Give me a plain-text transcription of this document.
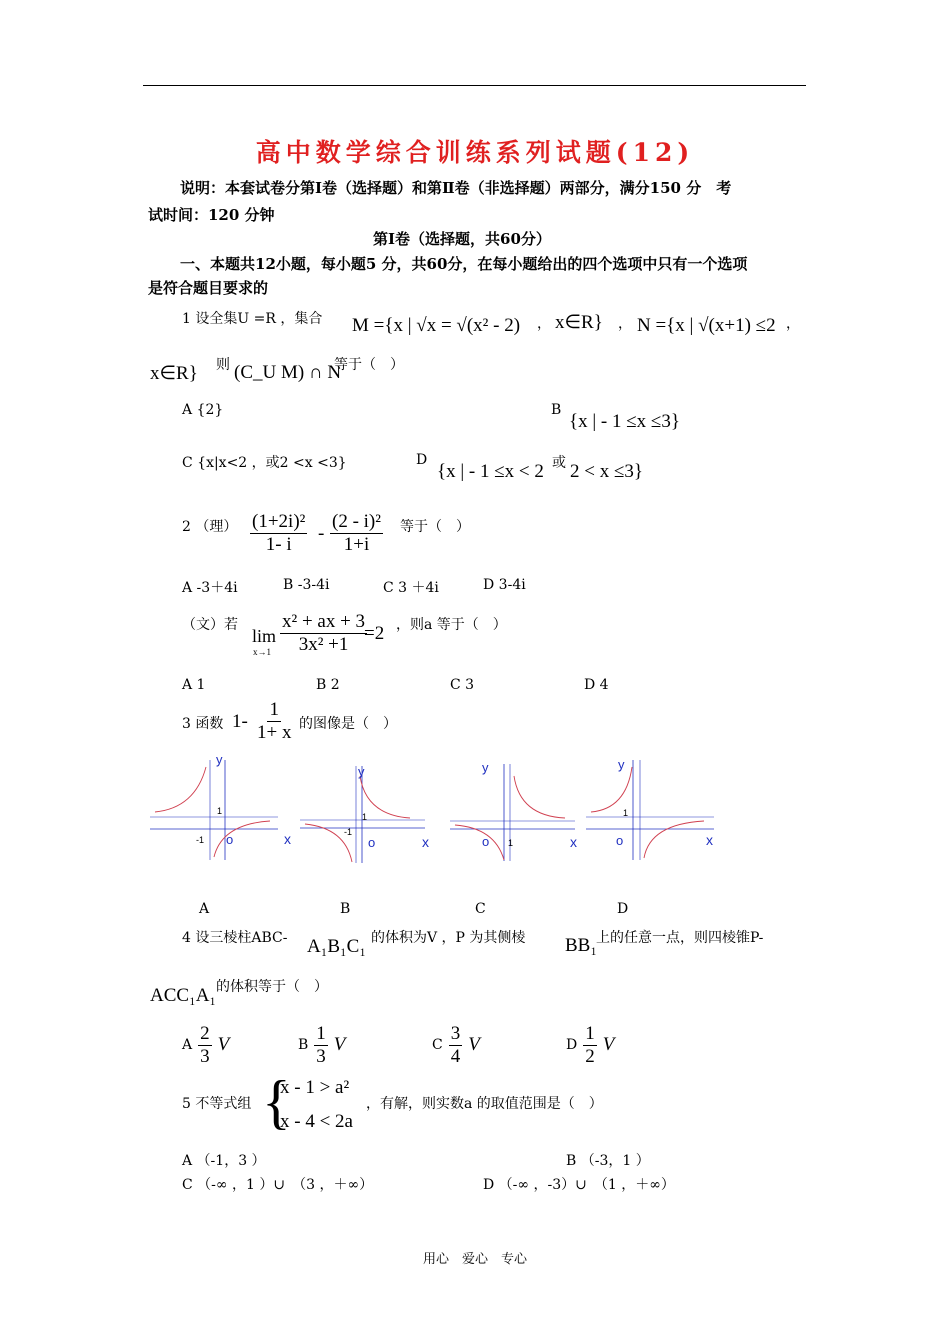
高中数学综合训练系列试题(12)
说明：本套试卷分第Ⅰ卷（选择题）和第Ⅱ卷（非选择题）两部分，满分150 分　考
试时间：120 分钟
第Ⅰ卷（选择题，共60分）
一、本题共12小题，每小题5 分，共60分，在每小题给出的四个选项中只有一个选项
是符合题目要求的
1 设全集U =R ，集合 M ={x | √x = √(x² - 2) ， x∈R} ， N ={x | √(x+1) ≤2 ，
x∈R} 则 (C_U M) ∩ N
等于（　）
A {2}	B
{x | - 1 ≤x ≤3}
C {x|x<2 ，或2 <x <3}	D
{x | - 1 ≤x < 2 或 2 < x ≤3}
2 （理） $\frac{\text{(1+2i)²}}{1- i} - \frac{\text{(2 - i)²}}{1+i}$ 等于（　）
A -3＋4i	B -3-4i	C 3 ＋4i	D 3-4i
（文）若
lim
$x\to 1 \frac{\text{x² + ax + 3}}{\text{3x² +1}}$
=2 ，则a 等于（　）
A 1	B 2	C 3	D 4
3 函数 $1- \frac{1}{1+ x}$ 的图像是（　）
y
x
o
1
-1
y
x
o
1
-1
y
x
o 1
y
x
o
1
A	B	C	D
4 设三棱柱ABC- A₁B₁C₁ 的体积为V ，P 为其侧棱 BB₁ 上的任意一点，则四棱锥P-
ACC₁A₁ 的体积等于（　）
A $\frac{2}{3}$ V	B $\frac{1}{3}$ V	C $\frac{3}{4}$ V	D $\frac{1}{2}$ V
5 不等式组 {
x - 1 > a²
x - 4 < 2a
，有解，则实数a 的取值范围是（　）
A （-1，3 ）	B （-3，1 ）
C （-∞ ，1 ）∪　（3 ，＋∞）	D （-∞ ，-3）∪　（1 ，＋∞）
用心　爱心　专心
